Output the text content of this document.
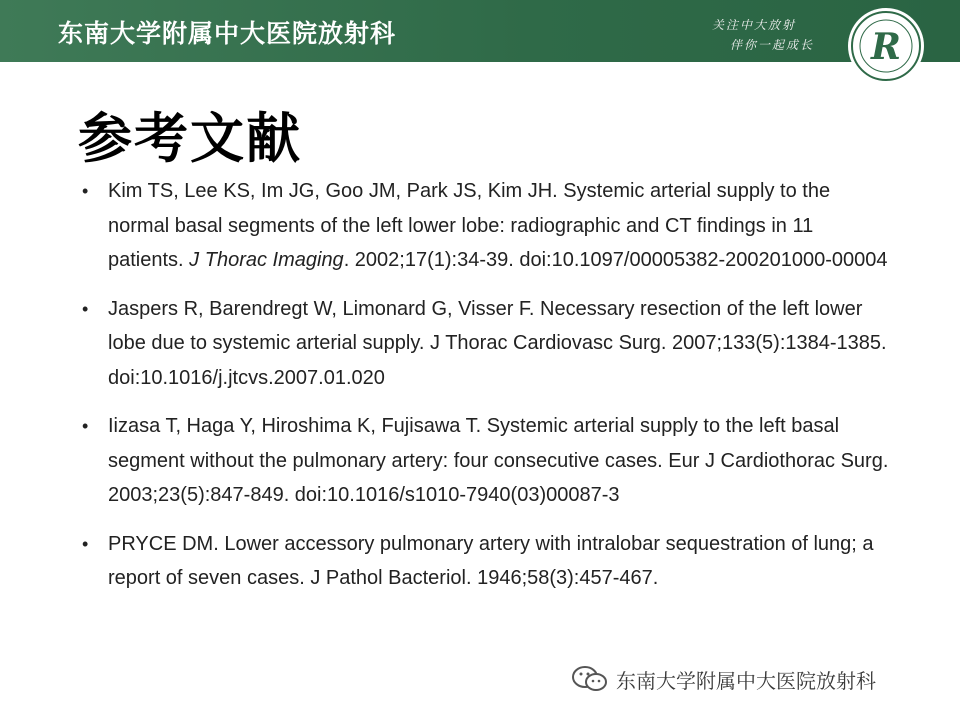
东南大学附属中大医院放射科	关注中大放射
伴你一起成长 R
参考文献
• Kim TS, Lee KS, Im JG, Goo JM, Park JS, Kim JH. Systemic arterial supply to the normal basal segments of the left lower lobe: radiographic and CT findings in 11 patients. J Thorac Imaging. 2002;17(1):34-39. doi:10.1097/00005382-200201000-00004
• Jaspers R, Barendregt W, Limonard G, Visser F. Necessary resection of the left lower lobe due to systemic arterial supply. J Thorac Cardiovasc Surg. 2007;133(5):1384-1385. doi:10.1016/j.jtcvs.2007.01.020
• Iizasa T, Haga Y, Hiroshima K, Fujisawa T. Systemic arterial supply to the left basal segment without the pulmonary artery: four consecutive cases. Eur J Cardiothorac Surg. 2003;23(5):847-849. doi:10.1016/s1010-7940(03)00087-3
• PRYCE DM. Lower accessory pulmonary artery with intralobar sequestration of lung; a report of seven cases. J Pathol Bacteriol. 1946;58(3):457-467.
东南大学附属中大医院放射科
